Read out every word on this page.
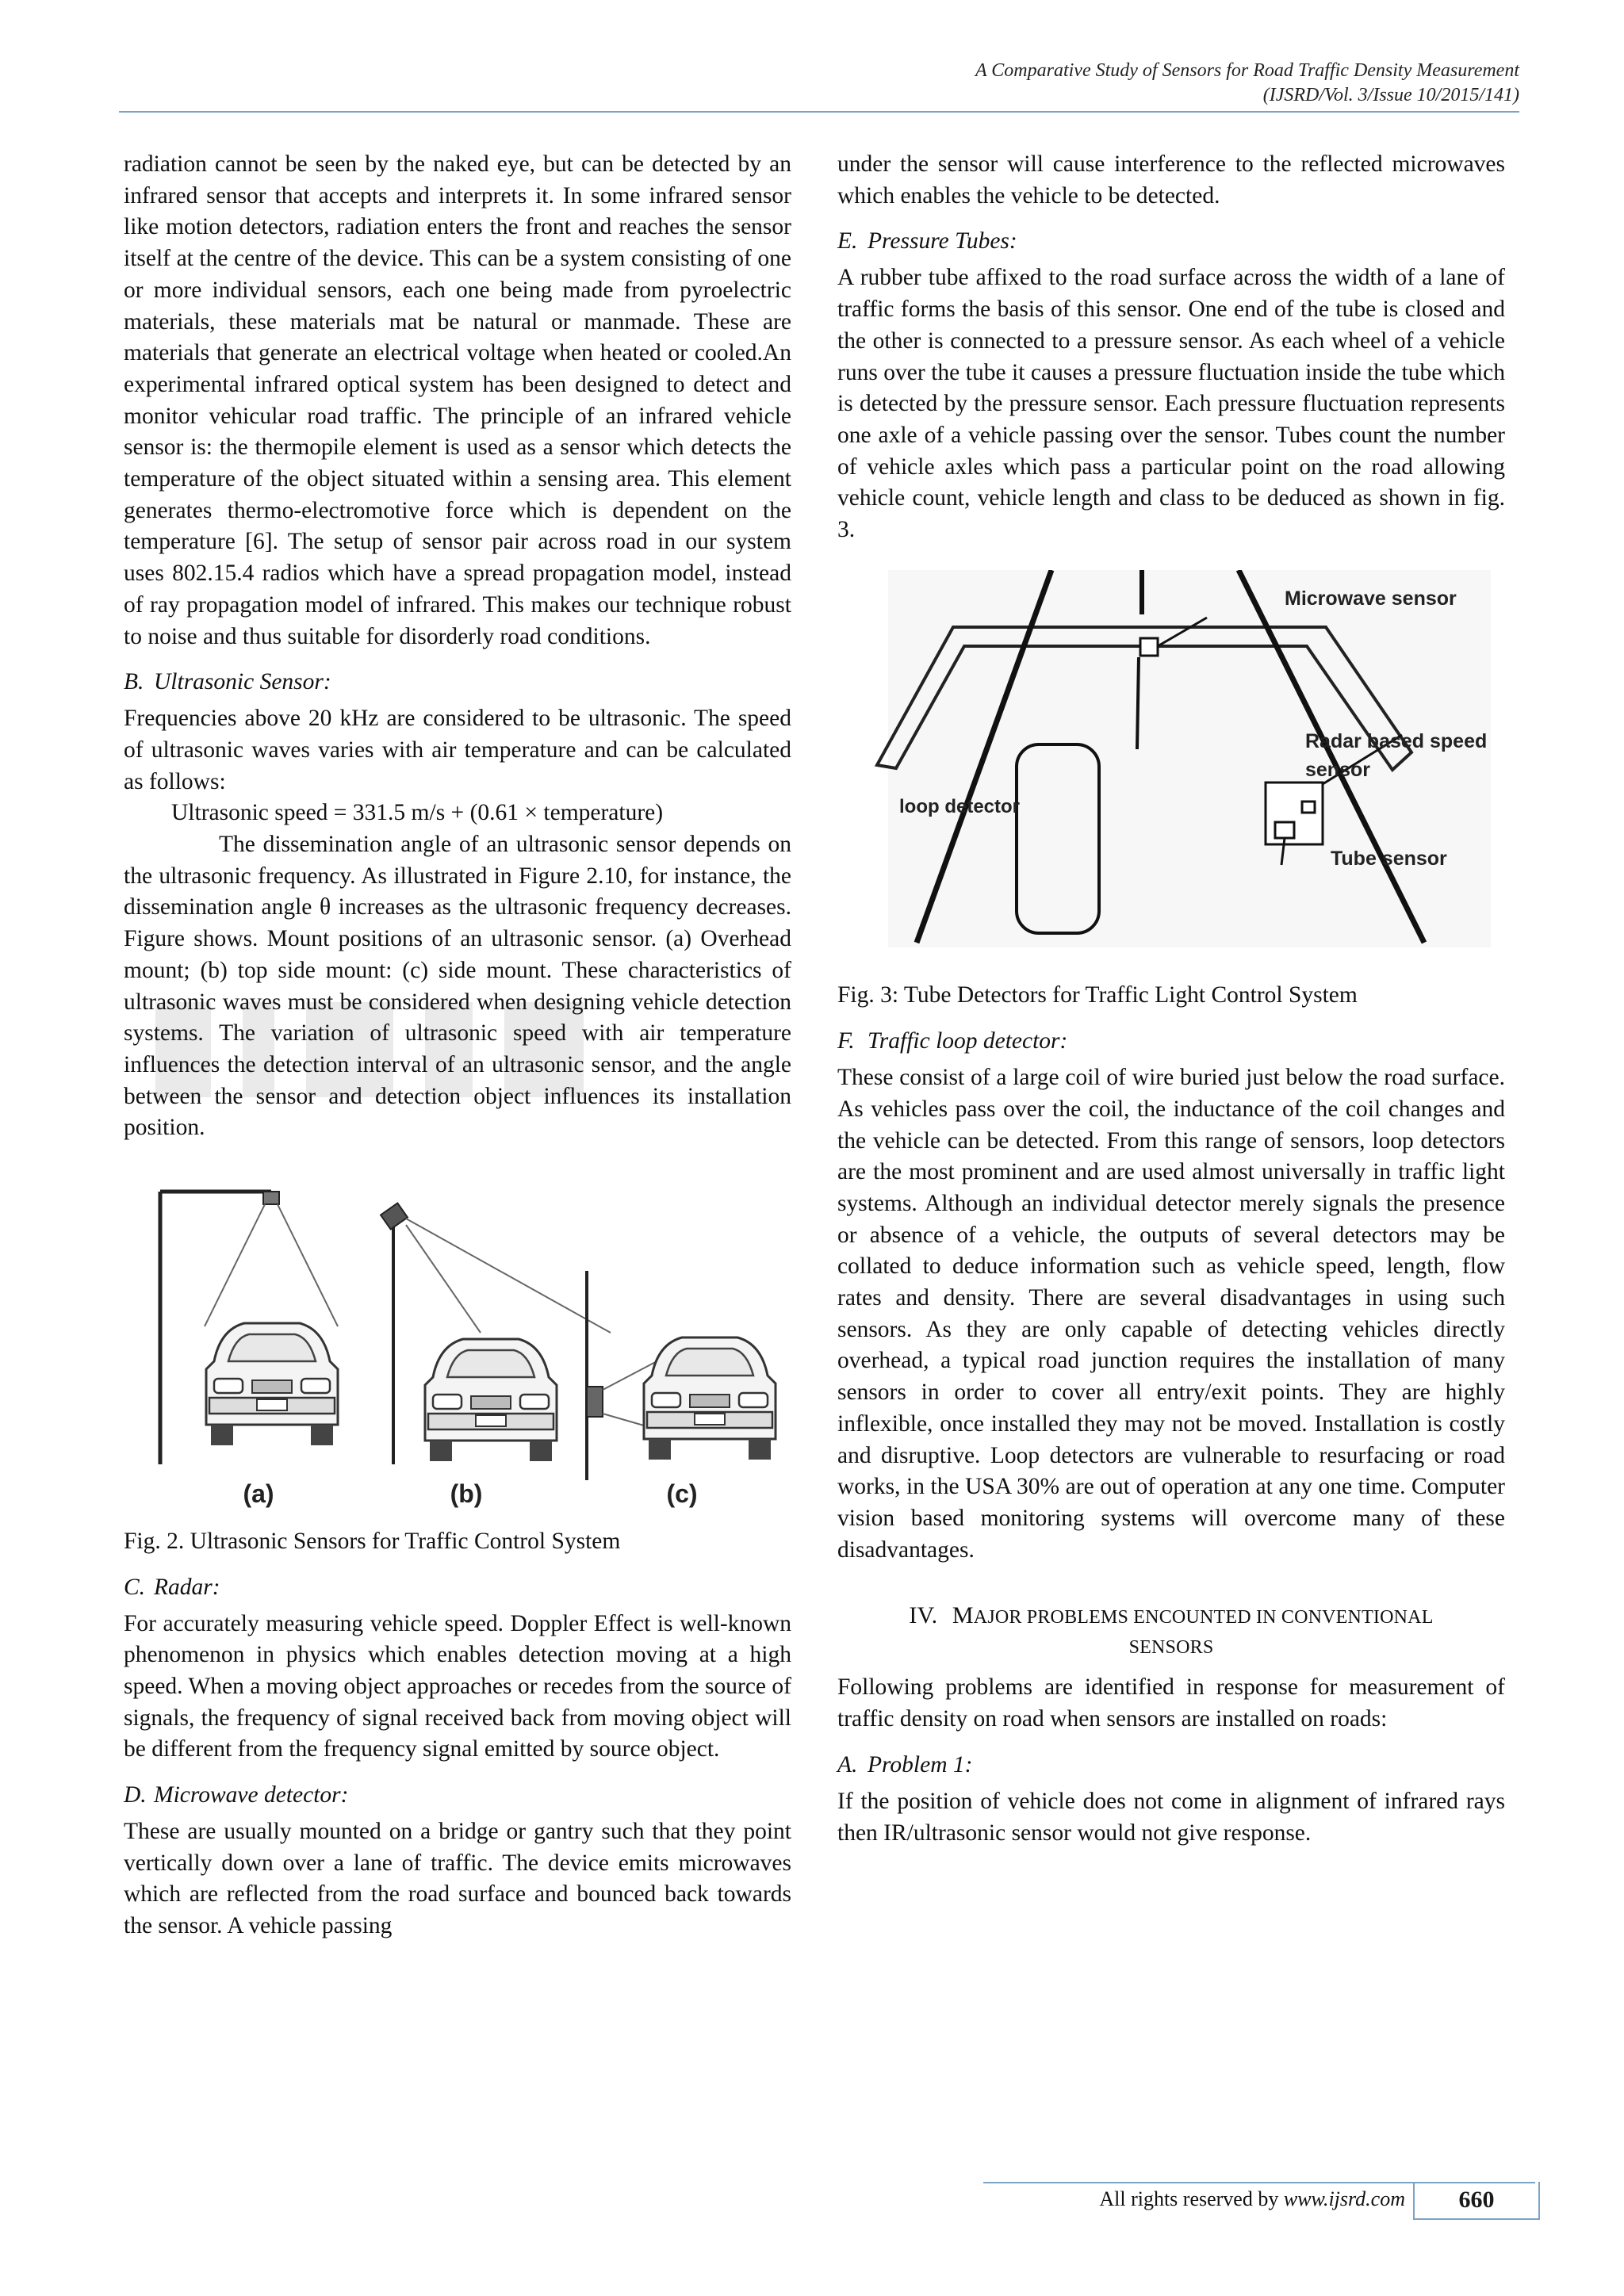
A Comparative Study of Sensors for Road Traffic Density Measurement
(IJSRD/Vol. 3/Issue 10/2015/141)

radiation cannot be seen by the naked eye, but can be detected by an infrared sensor that accepts and interprets it. In some infrared sensor like motion detectors, radiation enters the front and reaches the sensor itself at the centre of the device. This can be a system consisting of one or more individual sensors, each one being made from pyroelectric materials, these materials mat be natural or manmade. These are materials that generate an electrical voltage when heated or cooled.An experimental infrared optical system has been designed to detect and monitor vehicular road traffic. The principle of an infrared vehicle sensor is: the thermopile element is used as a sensor which detects the temperature of the object situated within a sensing area. This element generates thermo-electromotive force which is dependent on the temperature [6]. The setup of sensor pair across road in our system uses 802.15.4 radios which have a spread propagation model, instead of ray propagation model of infrared. This makes our technique robust to noise and thus suitable for disorderly road conditions.

B. Ultrasonic Sensor:

Frequencies above 20 kHz are considered to be ultrasonic. The speed of ultrasonic waves varies with air temperature and can be calculated as follows:

Ultrasonic speed = 331.5 m/s + (0.61 × temperature)

The dissemination angle of an ultrasonic sensor depends on the ultrasonic frequency. As illustrated in Figure 2.10, for instance, the dissemination angle θ increases as the ultrasonic frequency decreases. Figure shows. Mount positions of an ultrasonic sensor. (a) Overhead mount; (b) top side mount: (c) side mount. These characteristics of ultrasonic waves must be considered when designing vehicle detection systems. The variation of ultrasonic speed with air temperature influences the detection interval of an ultrasonic sensor, and the angle between the sensor and detection object influences its installation position.

(a)	(b)	(c)

Fig. 2. Ultrasonic Sensors for Traffic Control System

C. Radar:

For accurately measuring vehicle speed. Doppler Effect is well-known phenomenon in physics which enables detection moving at a high speed. When a moving object approaches or recedes from the source of signals, the frequency of signal received back from moving object will be different from the frequency signal emitted by source object.

D. Microwave detector:

These are usually mounted on a bridge or gantry such that they point vertically down over a lane of traffic. The device emits microwaves which are reflected from the road surface and bounced back towards the sensor. A vehicle passing

under the sensor will cause interference to the reflected microwaves which enables the vehicle to be detected.

E. Pressure Tubes:

A rubber tube affixed to the road surface across the width of a lane of traffic forms the basis of this sensor. One end of the tube is closed and the other is connected to a pressure sensor. As each wheel of a vehicle runs over the tube it causes a pressure fluctuation inside the tube which is detected by the pressure sensor. Each pressure fluctuation represents one axle of a vehicle passing over the sensor. Tubes count the number of vehicle axles which pass a particular point on the road allowing vehicle count, vehicle length and class to be deduced as shown in fig. 3.

Microwave sensor
loop detector
Radar based speed
sensor
Tube sensor

Fig. 3: Tube Detectors for Traffic Light Control System

F. Traffic loop detector:

These consist of a large coil of wire buried just below the road surface. As vehicles pass over the coil, the inductance of the coil changes and the vehicle can be detected. From this range of sensors, loop detectors are the most prominent and are used almost universally in traffic light systems. Although an individual detector merely signals the presence or absence of a vehicle, the outputs of several detectors may be collated to deduce information such as vehicle speed, length, flow rates and density. There are several disadvantages in using such sensors. As they are only capable of detecting vehicles directly overhead, a typical road junction requires the installation of many sensors in order to cover all entry/exit points. They are highly inflexible, once installed they may not be moved. Installation is costly and disruptive. Loop detectors are vulnerable to resurfacing or road works, in the USA 30% are out of operation at any one time. Computer vision based monitoring systems will overcome many of these disadvantages.

IV. MAJOR PROBLEMS ENCOUNTED IN CONVENTIONAL
SENSORS

Following problems are identified in response for measurement of traffic density on road when sensors are installed on roads:

A. Problem 1:

If the position of vehicle does not come in alignment of infrared rays then IR/ultrasonic sensor would not give response.

All rights reserved by www.ijsrd.com	660
